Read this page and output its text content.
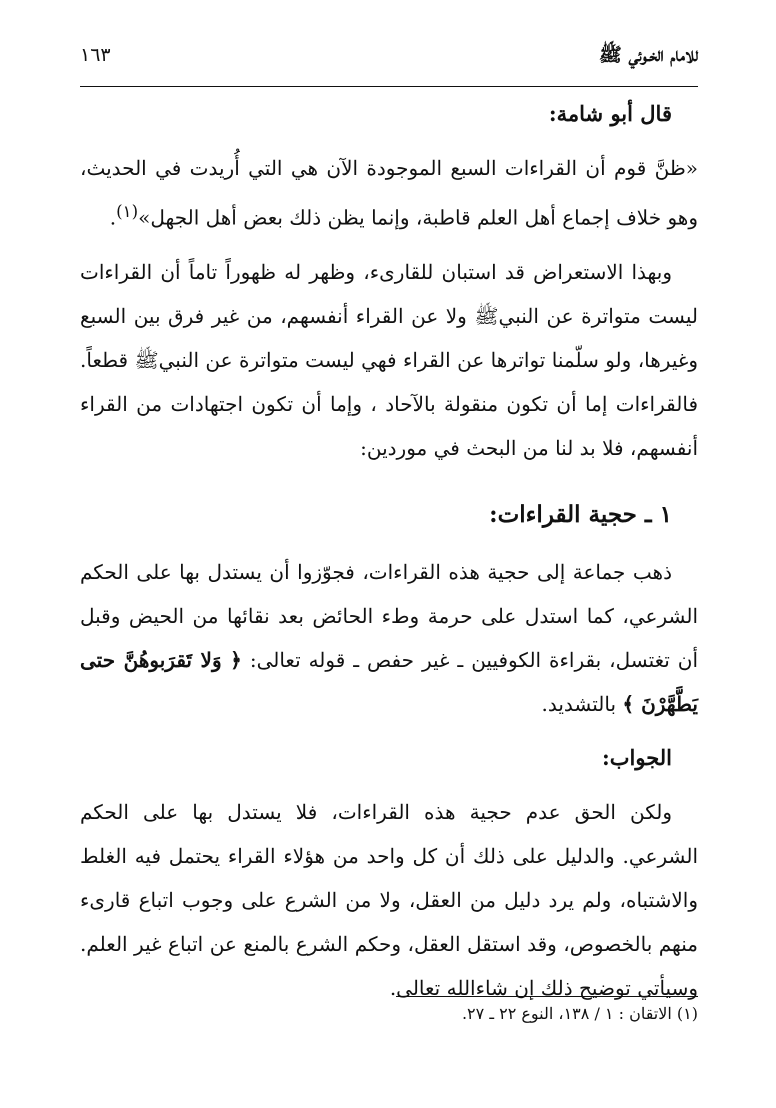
للامام الخـوئي ﷺ
١٦٣

قال أبو شامة:

«ظنَّ قوم أن القراءات السبع الموجودة الآن هي التي أُريدت في الحديث، وهو خلاف إجماع أهل العلم قاطبة، وإنما يظن ذلك بعض أهل الجهل»$^{(١)}$.

وبهذا الاستعراض قد استبان للقارىء، وظهر له ظهوراً تاماً أن القراءات ليست متواترة عن النبيﷺ ولا عن القراء أنفسهم، من غير فرق بين السبع وغيرها، ولو سلّمنا تواترها عن القراء فهي ليست متواترة عن النبيﷺ قطعاً. فالقراءات إما أن تكون منقولة بالآحاد ، وإما أن تكون اجتهادات من القراء أنفسهم، فلا بد لنا من البحث في موردين:

١ ـ حجية القراءات:

ذهب جماعة إلى حجية هذه القراءات، فجوّزوا أن يستدل بها على الحكم الشرعي، كما استدل على حرمة وطء الحائض بعد نقائها من الحيض وقبل أن تغتسل، بقراءة الكوفيين ـ غير حفص ـ قوله تعالى: ﴿ وَلا تَقرَبوهُنَّ حتى يَطَّهَّرْنَ ﴾ بالتشديد.

الجواب:

ولكن الحق عدم حجية هذه القراءات، فلا يستدل بها على الحكم الشرعي. والدليل على ذلك أن كل واحد من هؤلاء القراء يحتمل فيه الغلط والاشتباه، ولم يرد دليل من العقل، ولا من الشرع على وجوب اتباع قارىء منهم بالخصوص، وقد استقل العقل، وحكم الشرع بالمنع عن اتباع غير العلم. وسيأتي توضيح ذلك إن شاءالله تعالى.

(١) الاتقان : ١ / ١٣٨، النوع ٢٢ ـ ٢٧.
